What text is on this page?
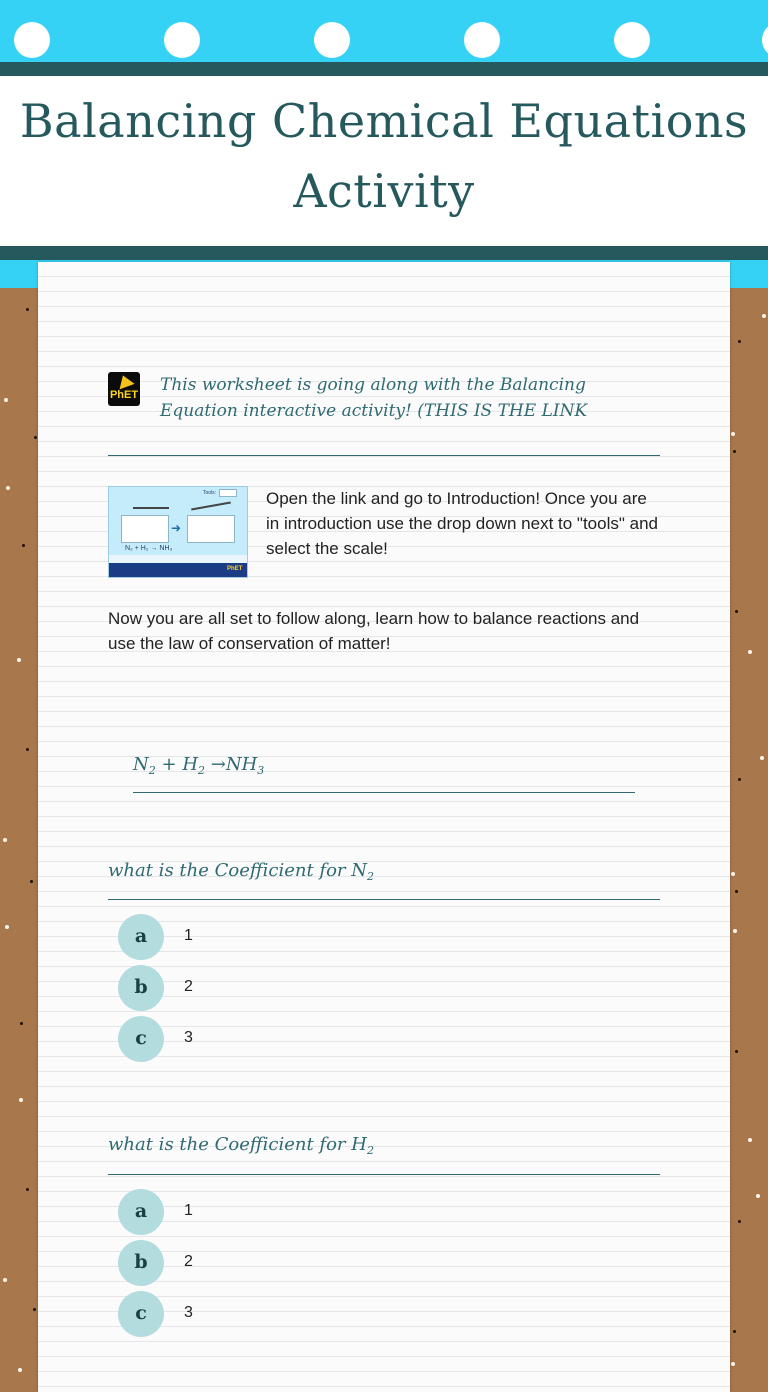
Balancing Chemical Equations
Activity
PhET This worksheet is going along with the Balancing Equation interactive activity! (THIS IS THE LINK
Tools:
➜
N₂ + H₂ → NH₃
PhET
Open the link and go to Introduction! Once you are in introduction use the drop down next to "tools" and select the scale!
Now you are all set to follow along, learn how to balance reactions and use the law of conservation of matter!
$N_2 + H_2 \to NH_3$
what is the Coefficient for $N_2$
a	1
b	2
c	3
what is the Coefficient for $H_2$
a	1
b	2
c	3
